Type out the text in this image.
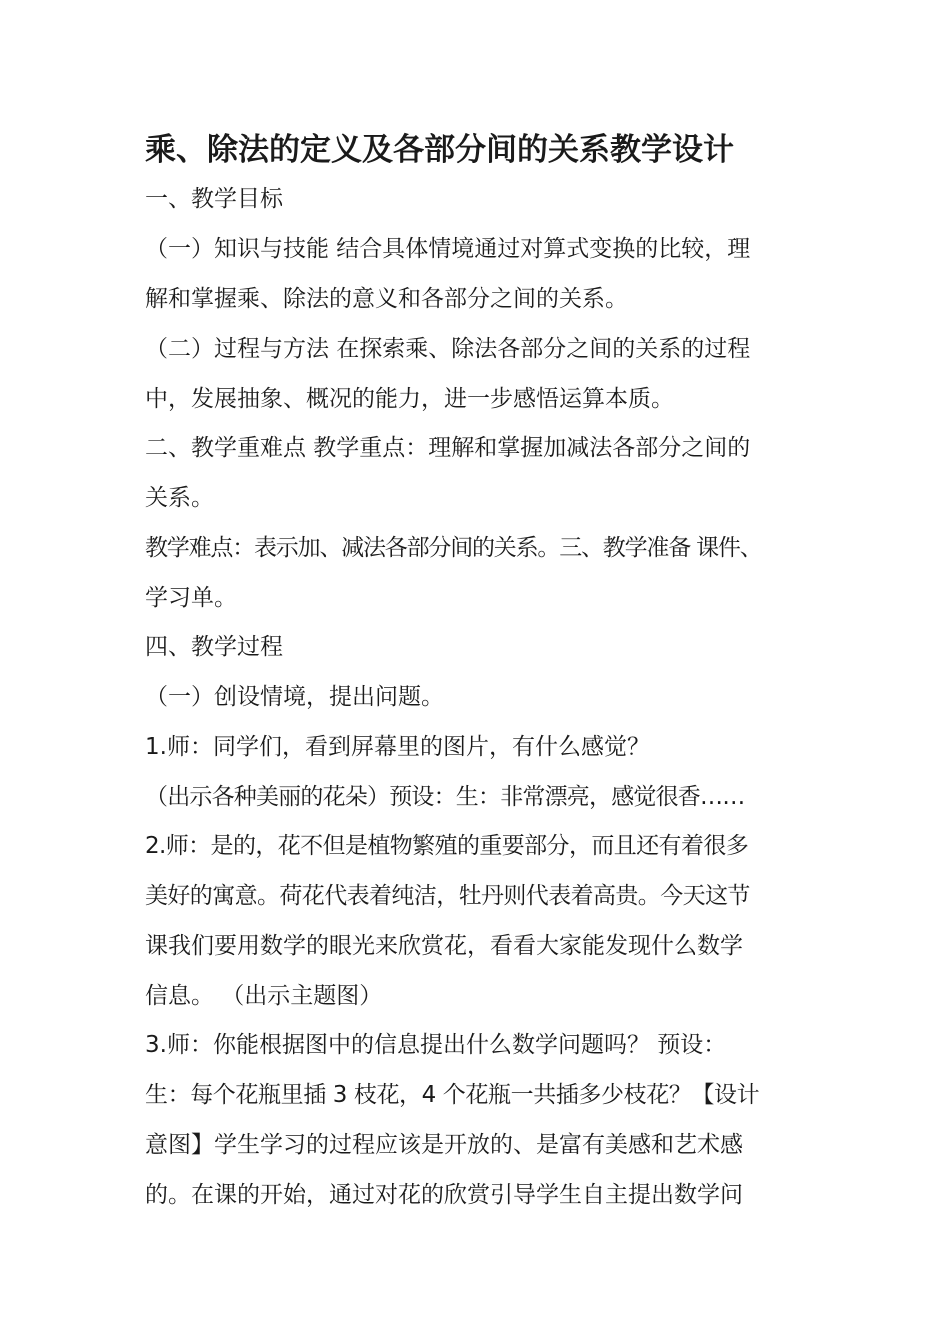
乘、除法的定义及各部分间的关系教学设计
一、教学目标
（一）知识与技能 结合具体情境通过对算式变换的比较，理
解和掌握乘、除法的意义和各部分之间的关系。
（二）过程与方法 在探索乘、除法各部分之间的关系的过程
中，发展抽象、概况的能力，进一步感悟运算本质。
二、教学重难点 教学重点：理解和掌握加减法各部分之间的
关系。
教学难点：表示加、减法各部分间的关系。三、教学准备 课件、
学习单。
四、教学过程
（一）创设情境，提出问题。
1.师：同学们，看到屏幕里的图片，有什么感觉？
（出示各种美丽的花朵）预设：生：非常漂亮，感觉很香……
2.师：是的，花不但是植物繁殖的重要部分，而且还有着很多
美好的寓意。荷花代表着纯洁，牡丹则代表着高贵。今天这节
课我们要用数学的眼光来欣赏花，看看大家能发现什么数学
信息。 （出示主题图）
3.师：你能根据图中的信息提出什么数学问题吗？ 预设：
生：每个花瓶里插 3 枝花，4 个花瓶一共插多少枝花？【设计
意图】学生学习的过程应该是开放的、是富有美感和艺术感
的。在课的开始，通过对花的欣赏引导学生自主提出数学问
